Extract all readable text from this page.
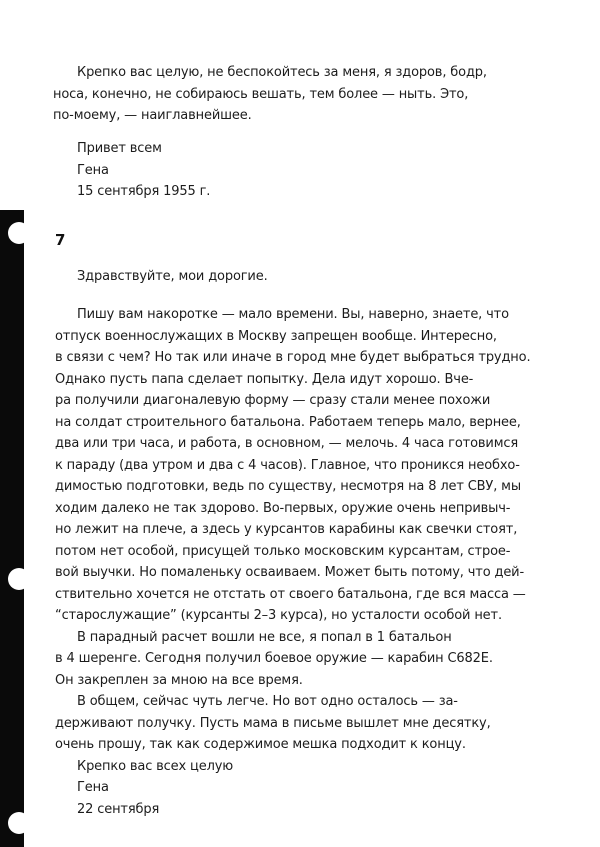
Крепко вас целую, не беспокойтесь за меня, я здоров, бодр,
носа, конечно, не собираюсь вешать, тем более — ныть. Это,
по-моему, — наиглавнейшее.
Привет всем
Гена
15 сентября 1955 г.
7
Здравствуйте, мои дорогие.
Пишу вам накоротке — мало времени. Вы, наверно, знаете, что
отпуск военнослужащих в Москву запрещен вообще. Интересно,
в связи с чем? Но так или иначе в город мне будет выбраться трудно.
Однако пусть папа сделает попытку. Дела идут хорошо. Вче-
ра получили диагоналевую форму — сразу стали менее похожи
на солдат строительного батальона. Работаем теперь мало, вернее,
два или три часа, и работа, в основном, — мелочь. 4 часа готовимся
к параду (два утром и два с 4 часов). Главное, что проникся необхо-
димостью подготовки, ведь по существу, несмотря на 8 лет СВУ, мы
ходим далеко не так здорово. Во-первых, оружие очень непривыч-
но лежит на плече, а здесь у курсантов карабины как свечки стоят,
потом нет особой, присущей только московским курсантам, строе-
вой выучки. Но помаленьку осваиваем. Может быть потому, что дей-
ствительно хочется не отстать от своего батальона, где вся масса —
“старослужащие” (курсанты 2–3 курса), но усталости особой нет.
В парадный расчет вошли не все, я попал в 1 батальон
в 4 шеренге. Сегодня получил боевое оружие — карабин С682Е.
Он закреплен за мною на все время.
В общем, сейчас чуть легче. Но вот одно осталось — за-
держивают получку. Пусть мама в письме вышлет мне десятку,
очень прошу, так как содержимое мешка подходит к концу.
Крепко вас всех целую
Гена
22 сентября
